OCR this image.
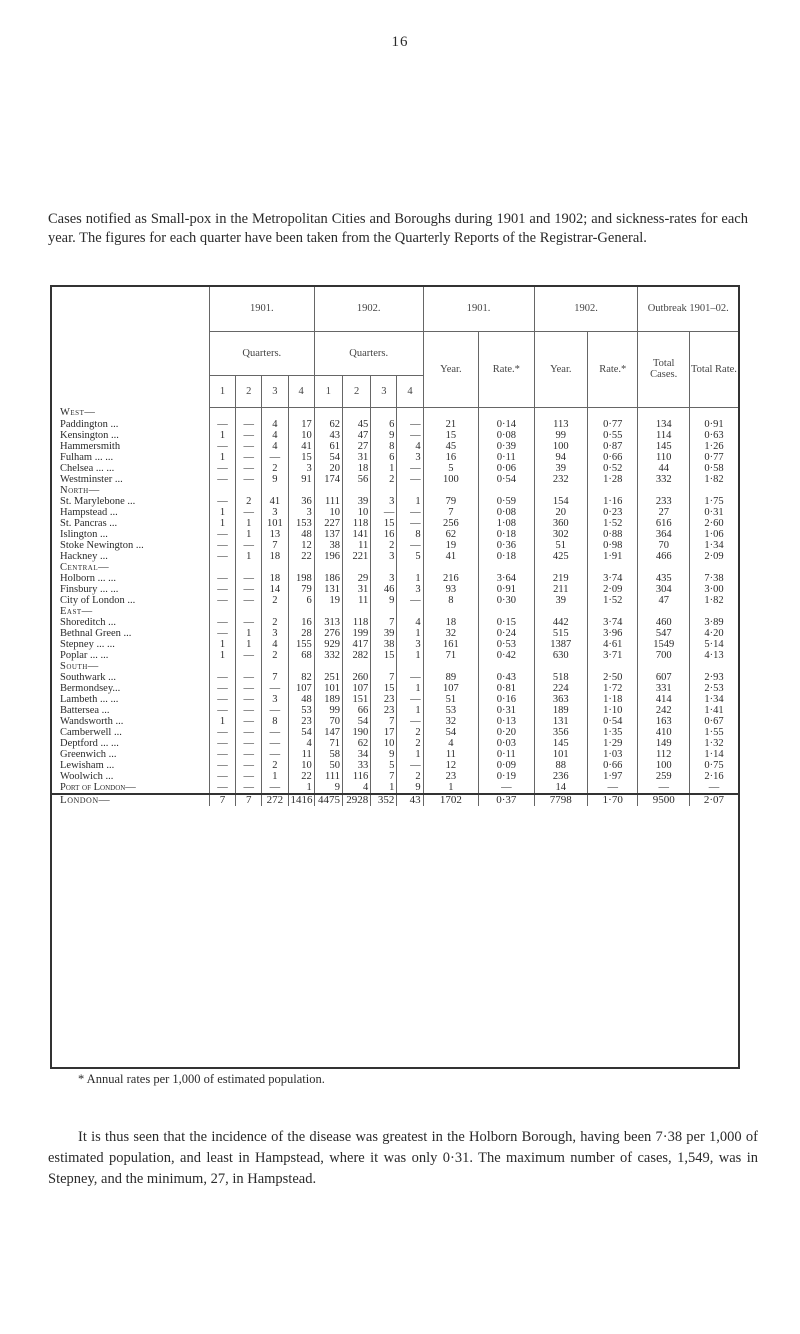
16
Cases notified as Small-pox in the Metropolitan Cities and Boroughs during 1901 and 1902; and sickness-rates for each year. The figures for each quarter have been taken from the Quarterly Reports of the Registrar-General.
	1901.				1902.				1901.		1902.		Outbreak 1901–02.	
	Quarters.				Quarters.				Year.	Rate.*	Year.	Rate.*	Total Cases.	Total Rate.
	1	2	3	4	1	2	3	4						
West—														
Paddington ...	—	—	4	17	62	45	6	—	21	0·14	113	0·77	134	0·91
Kensington ...	1	—	4	10	43	47	9	—	15	0·08	99	0·55	114	0·63
Hammersmith	—	—	4	41	61	27	8	4	45	0·39	100	0·87	145	1·26
Fulham ... ...	1	—	—	15	54	31	6	3	16	0·11	94	0·66	110	0·77
Chelsea ... ...	—	—	2	3	20	18	1	—	5	0·06	39	0·52	44	0·58
Westminster ...	—	—	9	91	174	56	2	—	100	0·54	232	1·28	332	1·82
North—														
St. Marylebone ...	—	2	41	36	111	39	3	1	79	0·59	154	1·16	233	1·75
Hampstead ...	1	—	3	3	10	10	—	—	7	0·08	20	0·23	27	0·31
St. Pancras ...	1	1	101	153	227	118	15	—	256	1·08	360	1·52	616	2·60
Islington ...	—	1	13	48	137	141	16	8	62	0·18	302	0·88	364	1·06
Stoke Newington ...	—	—	7	12	38	11	2	—	19	0·36	51	0·98	70	1·34
Hackney ...	—	1	18	22	196	221	3	5	41	0·18	425	1·91	466	2·09
Central—														
Holborn ... ...	—	—	18	198	186	29	3	1	216	3·64	219	3·74	435	7·38
Finsbury ... ...	—	—	14	79	131	31	46	3	93	0·91	211	2·09	304	3·00
City of London ...	—	—	2	6	19	11	9	—	8	0·30	39	1·52	47	1·82
East—														
Shoreditch ...	—	—	2	16	313	118	7	4	18	0·15	442	3·74	460	3·89
Bethnal Green ...	—	1	3	28	276	199	39	1	32	0·24	515	3·96	547	4·20
Stepney ... ...	1	1	4	155	929	417	38	3	161	0·53	1387	4·61	1549	5·14
Poplar ... ...	1	—	2	68	332	282	15	1	71	0·42	630	3·71	700	4·13
South—														
Southwark ...	—	—	7	82	251	260	7	—	89	0·43	518	2·50	607	2·93
Bermondsey...	—	—	—	107	101	107	15	1	107	0·81	224	1·72	331	2·53
Lambeth ... ...	—	—	3	48	189	151	23	—	51	0·16	363	1·18	414	1·34
Battersea ...	—	—	—	53	99	66	23	1	53	0·31	189	1·10	242	1·41
Wandsworth ...	1	—	8	23	70	54	7	—	32	0·13	131	0·54	163	0·67
Camberwell ...	—	—	—	54	147	190	17	2	54	0·20	356	1·35	410	1·55
Deptford ... ...	—	—	—	4	71	62	10	2	4	0·03	145	1·29	149	1·32
Greenwich ...	—	—	—	11	58	34	9	1	11	0·11	101	1·03	112	1·14
Lewisham ...	—	—	2	10	50	33	5	—	12	0·09	88	0·66	100	0·75
Woolwich ...	—	—	1	22	111	116	7	2	23	0·19	236	1·97	259	2·16
Port of London—	—	—	—	1	9	4	1	9	1	—	14	—	—	—
London—	7	7	272	1416	4475	2928	352	43	1702	0·37	7798	1·70	9500	2·07
* Annual rates per 1,000 of estimated population.
It is thus seen that the incidence of the disease was greatest in the Holborn Borough, having been 7·38 per 1,000 of estimated population, and least in Hampstead, where it was only 0·31. The maximum number of cases, 1,549, was in Stepney, and the minimum, 27, in Hampstead.
